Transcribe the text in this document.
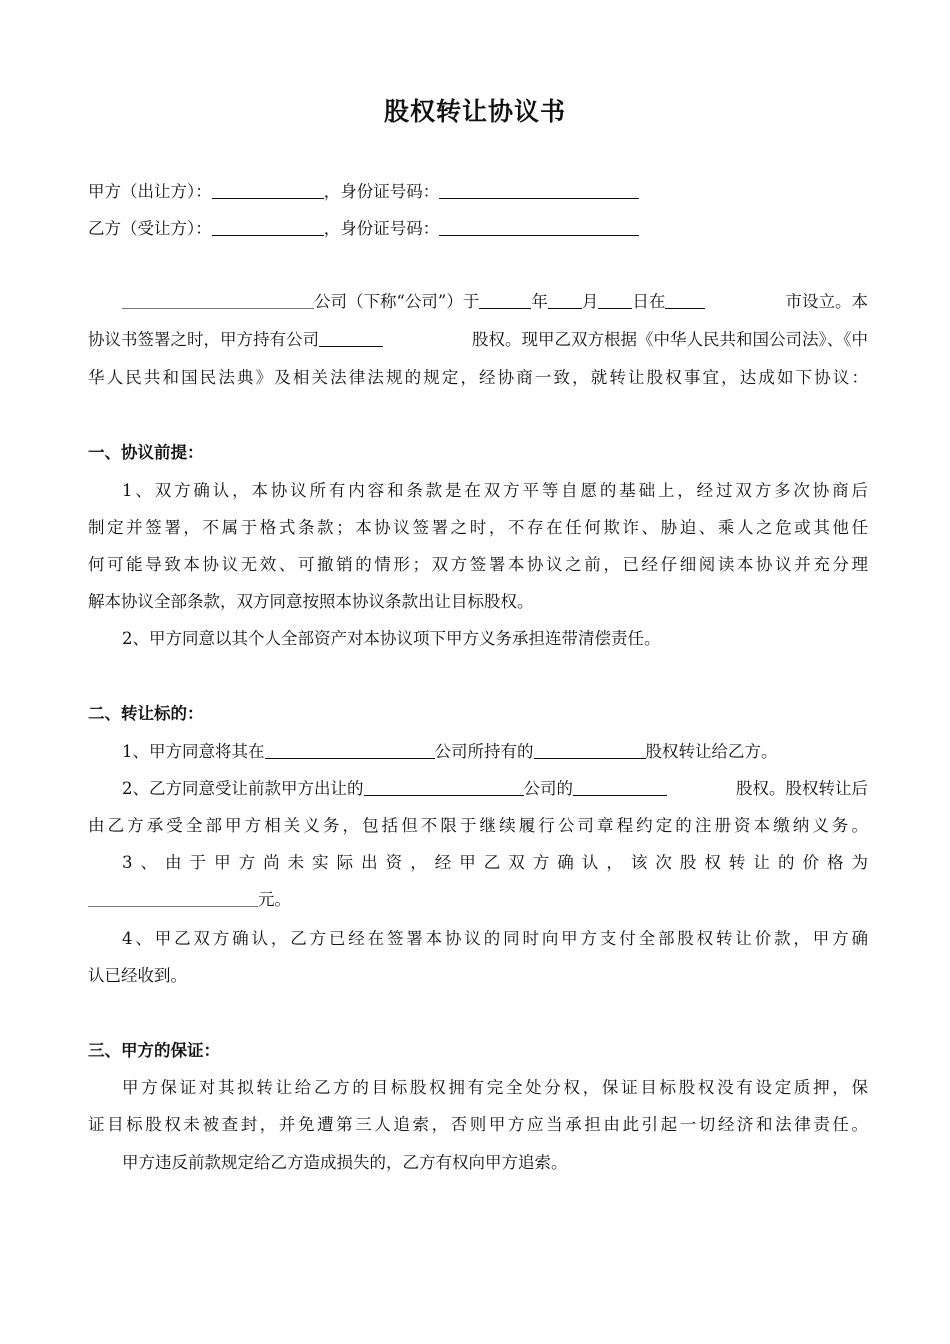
股权转让协议书
甲方（出让方）：	，身份证号码：
乙方（受让方）：	，身份证号码：
公司（下称“公司”）于	年 月 日在	市设立。本
协议书签署之时，甲方持有公司	股权。现甲乙双方根据《中华人民共和国公司法》、《中
华人民共和国民法典》及相关法律法规的规定，经协商一致，就转让股权事宜，达成如下协议：
一、协议前提：
1、双方确认，本协议所有内容和条款是在双方平等自愿的基础上，经过双方多次协商后
制定并签署，不属于格式条款；本协议签署之时，不存在任何欺诈、胁迫、乘人之危或其他任
何可能导致本协议无效、可撤销的情形；双方签署本协议之前，已经仔细阅读本协议并充分理
解本协议全部条款，双方同意按照本协议条款出让目标股权。
2、甲方同意以其个人全部资产对本协议项下甲方义务承担连带清偿责任。
二、转让标的：
1、甲方同意将其在	公司所持有的	股权转让给乙方。
2、乙方同意受让前款甲方出让的	公司的	股权。股权转让后
由乙方承受全部甲方相关义务，包括但不限于继续履行公司章程约定的注册资本缴纳义务。
3、由于甲方尚未实际出资，经甲乙双方确认，该次股权转让的价格为
元。
4、甲乙双方确认，乙方已经在签署本协议的同时向甲方支付全部股权转让价款，甲方确
认已经收到。
三、甲方的保证：
甲方保证对其拟转让给乙方的目标股权拥有完全处分权，保证目标股权没有设定质押，保
证目标股权未被查封，并免遭第三人追索，否则甲方应当承担由此引起一切经济和法律责任。
甲方违反前款规定给乙方造成损失的，乙方有权向甲方追索。
